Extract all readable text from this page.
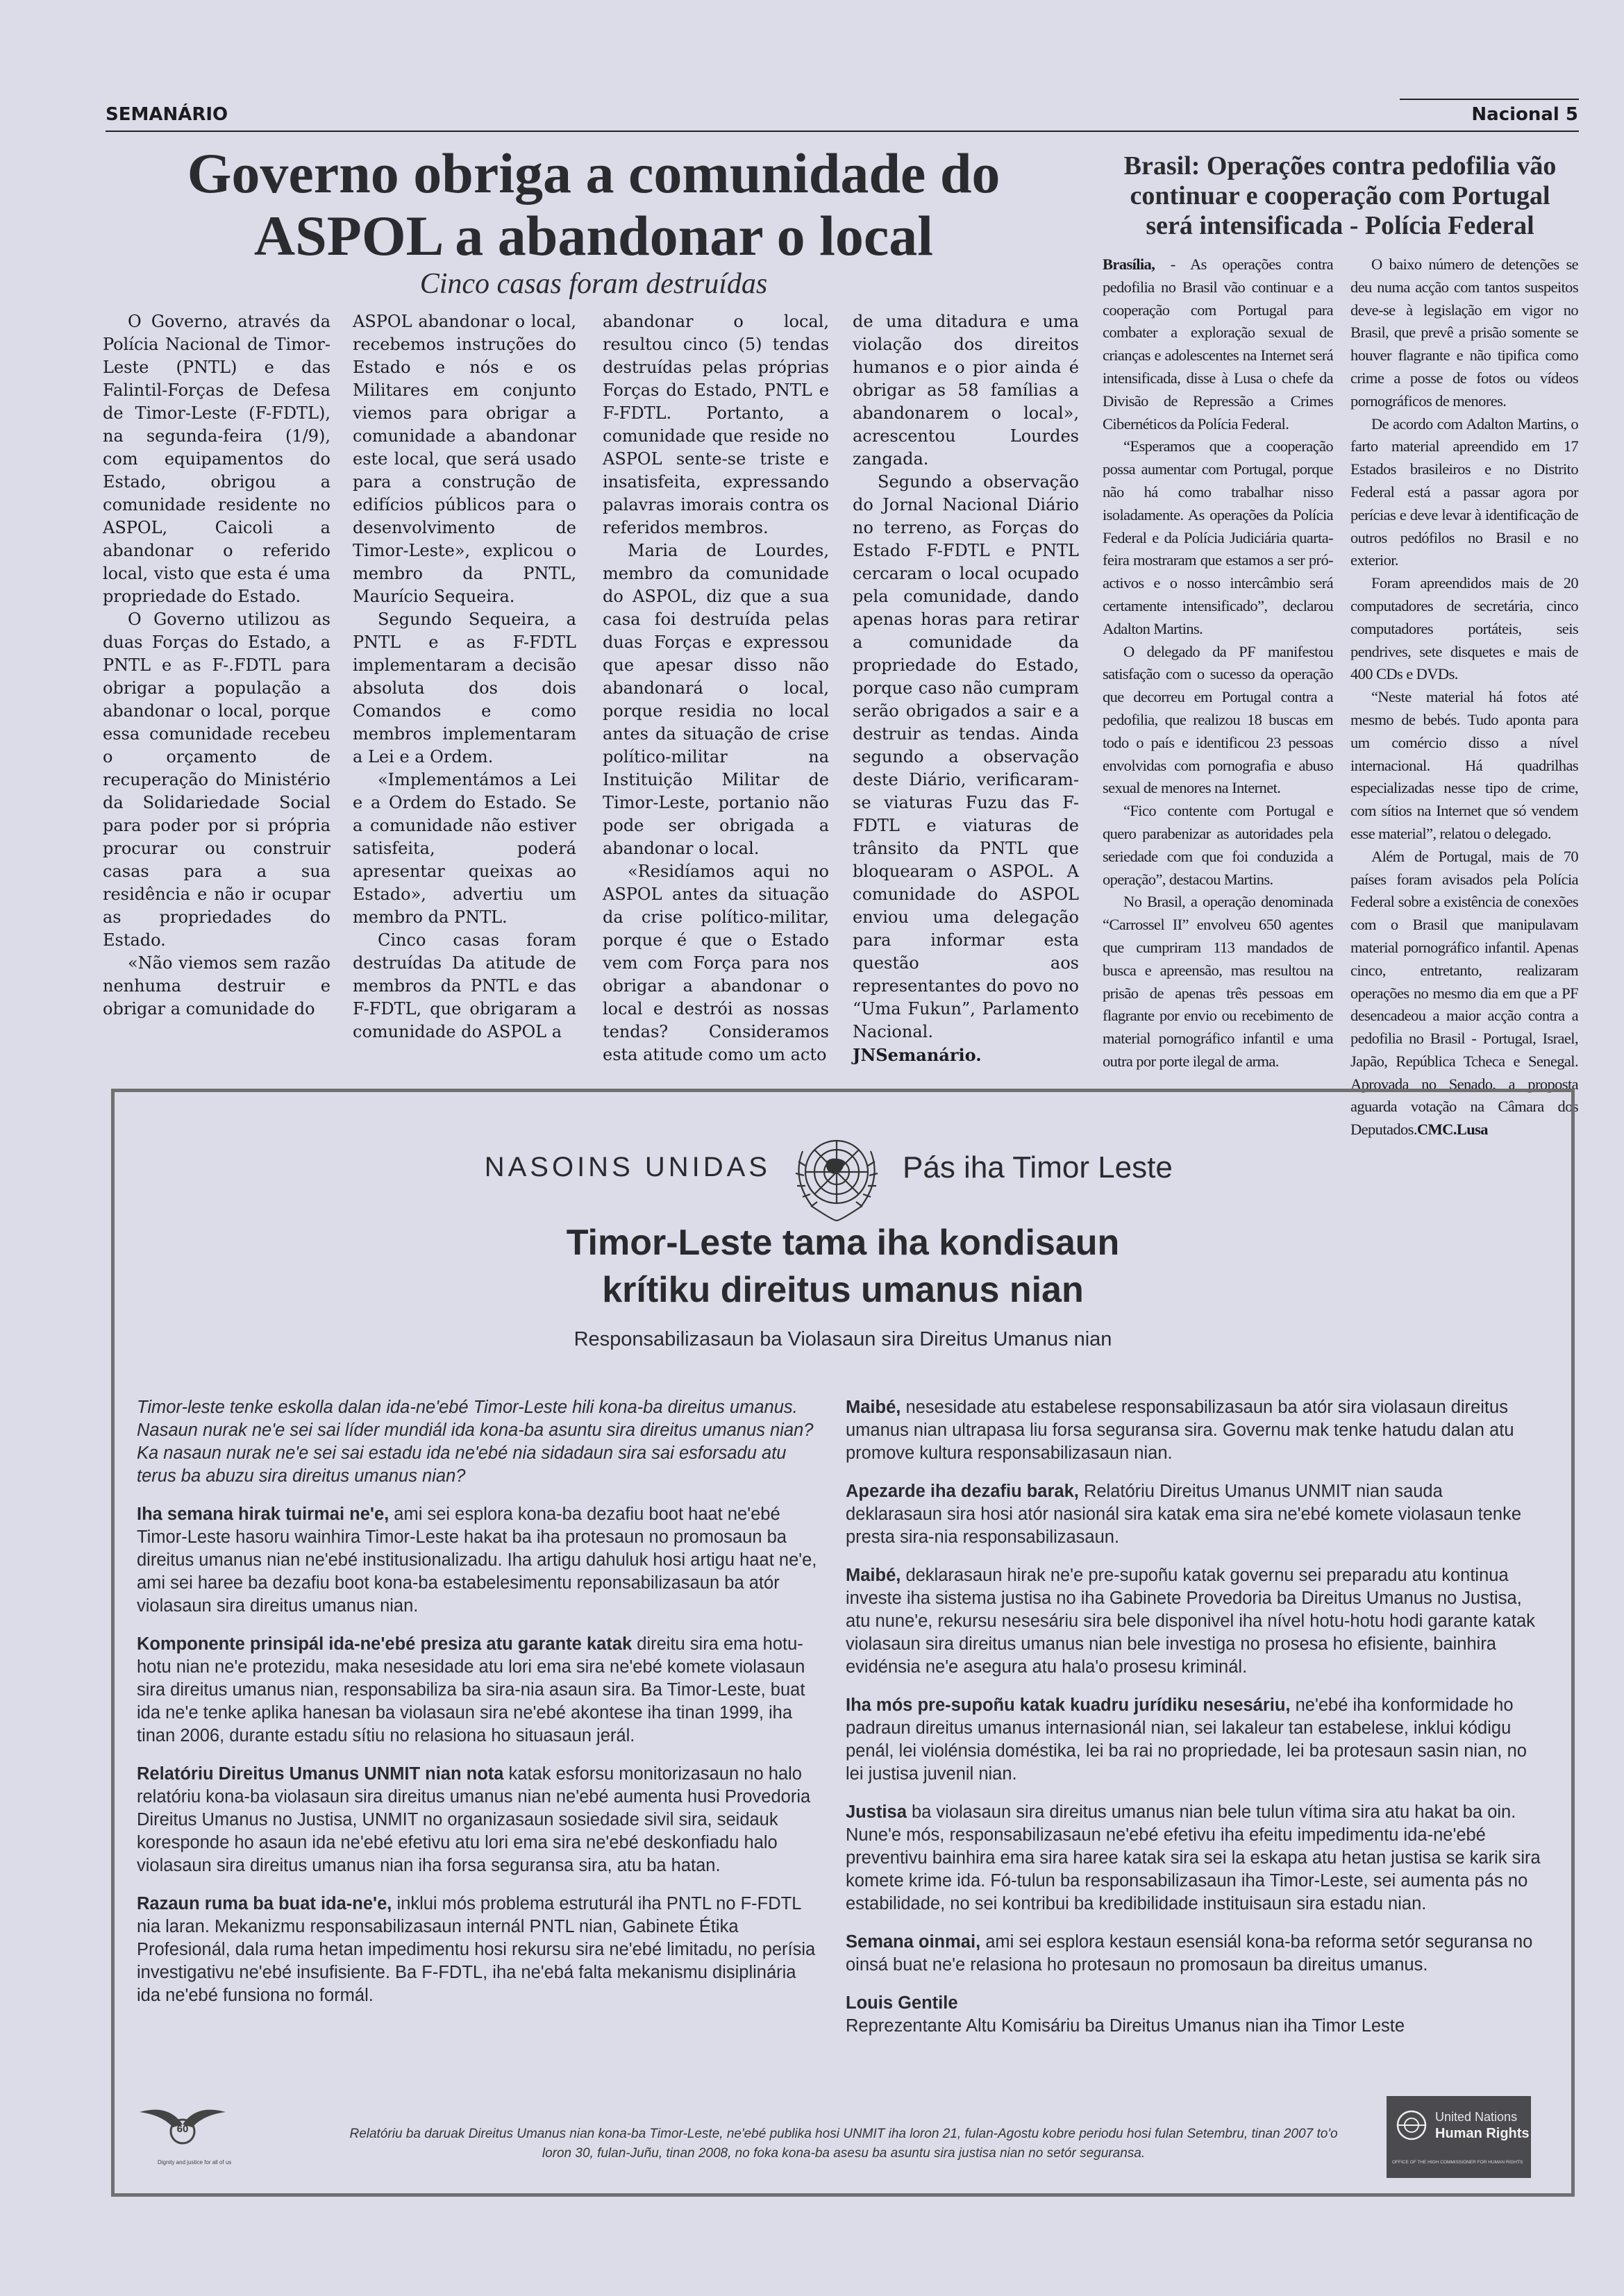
SEMANÁRIO	Nacional 5
Governo obriga a comunidade do
ASPOL a abandonar o local
Cinco casas foram destruídas

O Governo, através da Polícia Nacional de Timor-Leste (PNTL) e das Falintil-Forças de Defesa de Timor-Leste (F-FDTL), na segunda-feira (1/9), com equipamentos do Estado, obrigou a comunidade residente no ASPOL, Caicoli a abandonar o referido local, visto que esta é uma propriedade do Estado.

O Governo utilizou as duas Forças do Estado, a PNTL e as F-.FDTL para obrigar a população a abandonar o local, porque essa comunidade recebeu o orçamento de recuperação do Ministério da Solidariedade Social para poder por si própria procurar ou construir casas para a sua residência e não ir ocupar as propriedades do Estado.

«Não viemos sem razão nenhuma destruir e obrigar a comunidade do

ASPOL abandonar o local, recebemos instruções do Estado e nós e os Militares em conjunto viemos para obrigar a comunidade a abandonar este local, que será usado para a construção de edifícios públicos para o desenvolvimento de Timor-Leste», explicou o membro da PNTL, Maurício Sequeira.

Segundo Sequeira, a PNTL e as F-FDTL implementaram a decisão absoluta dos dois Comandos e como membros implementaram a Lei e a Ordem.

«Implementámos a Lei e a Ordem do Estado. Se a comunidade não estiver satisfeita, poderá apresentar queixas ao Estado», advertiu um membro da PNTL.

Cinco casas foram destruídas Da atitude de membros da PNTL e das F-FDTL, que obrigaram a comunidade do ASPOL a

abandonar o local, resultou cinco (5) tendas destruídas pelas próprias Forças do Estado, PNTL e F-FDTL. Portanto, a comunidade que reside no ASPOL sente-se triste e insatisfeita, expressando palavras imorais contra os referidos membros.

Maria de Lourdes, membro da comunidade do ASPOL, diz que a sua casa foi destruída pelas duas Forças e expressou que apesar disso não abandonará o local, porque residia no local antes da situação de crise político-militar na Instituição Militar de Timor-Leste, portanio não pode ser obrigada a abandonar o local.

«Residíamos aqui no ASPOL antes da situação da crise político-militar, porque é que o Estado vem com Força para nos obrigar a abandonar o local e destrói as nossas tendas? Consideramos esta atitude como um acto

de uma ditadura e uma violação dos direitos humanos e o pior ainda é obrigar as 58 famílias a abandonarem o local», acrescentou Lourdes zangada.

Segundo a observação do Jornal Nacional Diário no terreno, as Forças do Estado F-FDTL e PNTL cercaram o local ocupado pela comunidade, dando apenas horas para retirar a comunidade da propriedade do Estado, porque caso não cumpram serão obrigados a sair e a destruir as tendas. Ainda segundo a observação deste Diário, verificaram-se viaturas Fuzu das F-FDTL e viaturas de trânsito da PNTL que bloquearam o ASPOL. A comunidade do ASPOL enviou uma delegação para informar esta questão aos representantes do povo no “Uma Fukun”, Parlamento Nacional.

JNSemanário.

Brasil: Operações contra pedofilia vão
continuar e cooperação com Portugal
será intensificada - Polícia Federal

Brasília, - As operações contra pedofilia no Brasil vão continuar e a cooperação com Portugal para combater a exploração sexual de crianças e adolescentes na Internet será intensificada, disse à Lusa o chefe da Divisão de Repressão a Crimes Cibernéticos da Polícia Federal.

“Esperamos que a cooperação possa aumentar com Portugal, porque não há como trabalhar nisso isoladamente. As operações da Polícia Federal e da Polícia Judiciária quarta-feira mostraram que estamos a ser pró-activos e o nosso intercâmbio será certamente intensificado”, declarou Adalton Martins.

O delegado da PF manifestou satisfação com o sucesso da operação que decorreu em Portugal contra a pedofilia, que realizou 18 buscas em todo o país e identificou 23 pessoas envolvidas com pornografia e abuso sexual de menores na Internet.

“Fico contente com Portugal e quero parabenizar as autoridades pela seriedade com que foi conduzida a operação”, destacou Martins.

No Brasil, a operação denominada “Carrossel II” envolveu 650 agentes que cumpriram 113 mandados de busca e apreensão, mas resultou na prisão de apenas três pessoas em flagrante por envio ou recebimento de material pornográfico infantil e uma outra por porte ilegal de arma.

O baixo número de detenções se deu numa acção com tantos suspeitos deve-se à legislação em vigor no Brasil, que prevê a prisão somente se houver flagrante e não tipifica como crime a posse de fotos ou vídeos pornográficos de menores.

De acordo com Adalton Martins, o farto material apreendido em 17 Estados brasileiros e no Distrito Federal está a passar agora por perícias e deve levar à identificação de outros pedófilos no Brasil e no exterior.

Foram apreendidos mais de 20 computadores de secretária, cinco computadores portáteis, seis pendrives, sete disquetes e mais de 400 CDs e DVDs.

“Neste material há fotos até mesmo de bebés. Tudo aponta para um comércio disso a nível internacional. Há quadrilhas especializadas nesse tipo de crime, com sítios na Internet que só vendem esse material”, relatou o delegado.

Além de Portugal, mais de 70 países foram avisados pela Polícia Federal sobre a existência de conexões com o Brasil que manipulavam material pornográfico infantil. Apenas cinco, entretanto, realizaram operações no mesmo dia em que a PF desencadeou a maior acção contra a pedofilia no Brasil - Portugal, Israel, Japão, República Tcheca e Senegal. Aprovada no Senado, a proposta aguarda votação na Câmara dos Deputados.CMC.Lusa

NASOINS UNIDAS	Pás iha Timor Leste
Timor-Leste tama iha kondisaun
krítiku direitus umanus nian
Responsabilizasaun ba Violasaun sira Direitus Umanus nian

Timor-leste tenke eskolla dalan ida-ne'ebé Timor-Leste hili kona-ba direitus umanus. Nasaun nurak ne'e sei sai líder mundiál ida kona-ba asuntu sira direitus umanus nian? Ka nasaun nurak ne'e sei sai estadu ida ne'ebé nia sidadaun sira sai esforsadu atu terus ba abuzu sira direitus umanus nian?

Iha semana hirak tuirmai ne'e, ami sei esplora kona-ba dezafiu boot haat ne'ebé Timor-Leste hasoru wainhira Timor-Leste hakat ba iha protesaun no promosaun ba direitus umanus nian ne'ebé institusionalizadu. Iha artigu dahuluk hosi artigu haat ne'e, ami sei haree ba dezafiu boot kona-ba estabelesimentu reponsabilizasaun ba atór violasaun sira direitus umanus nian.

Komponente prinsipál ida-ne'ebé presiza atu garante katak direitu sira ema hotu-hotu nian ne'e protezidu, maka nesesidade atu lori ema sira ne'ebé komete violasaun sira direitus umanus nian, responsabiliza ba sira-nia asaun sira. Ba Timor-Leste, buat ida ne'e tenke aplika hanesan ba violasaun sira ne'ebé akontese iha tinan 1999, iha tinan 2006, durante estadu sítiu no relasiona ho situasaun jerál.

Relatóriu Direitus Umanus UNMIT nian nota katak esforsu monitorizasaun no halo relatóriu kona-ba violasaun sira direitus umanus nian ne'ebé aumenta husi Provedoria Direitus Umanus no Justisa, UNMIT no organizasaun sosiedade sivil sira, seidauk koresponde ho asaun ida ne'ebé efetivu atu lori ema sira ne'ebé deskonfiadu halo violasaun sira direitus umanus nian iha forsa seguransa sira, atu ba hatan.

Razaun ruma ba buat ida-ne'e, inklui mós problema estruturál iha PNTL no F-FDTL nia laran. Mekanizmu responsabilizasaun internál PNTL nian, Gabinete Étika Profesionál, dala ruma hetan impedimentu hosi rekursu sira ne'ebé limitadu, no perísia investigativu ne'ebé insufisiente. Ba F-FDTL, iha ne'ebá falta mekanismu disiplinária ida ne'ebé funsiona no formál.

Maibé, nesesidade atu estabelese responsabilizasaun ba atór sira violasaun direitus umanus nian ultrapasa liu forsa seguransa sira. Governu mak tenke hatudu dalan atu promove kultura responsabilizasaun nian.

Apezarde iha dezafiu barak, Relatóriu Direitus Umanus UNMIT nian sauda deklarasaun sira hosi atór nasionál sira katak ema sira ne'ebé komete violasaun tenke presta sira-nia responsabilizasaun.

Maibé, deklarasaun hirak ne'e pre-supoñu katak governu sei preparadu atu kontinua investe iha sistema justisa no iha Gabinete Provedoria ba Direitus Umanus no Justisa, atu nune'e, rekursu nesesáriu sira bele disponivel iha nível hotu-hotu hodi garante katak violasaun sira direitus umanus nian bele investiga no prosesa ho efisiente, bainhira evidénsia ne'e asegura atu hala'o prosesu kriminál.

Iha mós pre-supoñu katak kuadru jurídiku nesesáriu, ne'ebé iha konformidade ho padraun direitus umanus internasionál nian, sei lakaleur tan estabelese, inklui kódigu penál, lei violénsia doméstika, lei ba rai no propriedade, lei ba protesaun sasin nian, no lei justisa juvenil nian.

Justisa ba violasaun sira direitus umanus nian bele tulun vítima sira atu hakat ba oin. Nune'e mós, responsabilizasaun ne'ebé efetivu iha efeitu impedimentu ida-ne'ebé preventivu bainhira ema sira haree katak sira sei la eskapa atu hetan justisa se karik sira komete krime ida. Fó-tulun ba responsabilizasaun iha Timor-Leste, sei aumenta pás no estabilidade, no sei kontribui ba kredibilidade instituisaun sira estadu nian.

Semana oinmai, ami sei esplora kestaun esensiál kona-ba reforma setór seguransa no oinsá buat ne'e relasiona ho protesaun no promosaun ba direitus umanus.

Louis Gentile
Reprezentante Altu Komisáriu ba Direitus Umanus nian iha Timor Leste

60
Dignity and justice for all of us
Relatóriu ba daruak Direitus Umanus nian kona-ba Timor-Leste, ne'ebé publika hosi UNMIT iha loron 21, fulan-Agostu kobre periodu hosi fulan Setembru, tinan 2007 to'o
loron 30, fulan-Juñu, tinan 2008, no foka kona-ba asesu ba asuntu sira justisa nian no setór seguransa.
United Nations
Human Rights
OFFICE OF THE HIGH COMMISSIONER FOR HUMAN RIGHTS
